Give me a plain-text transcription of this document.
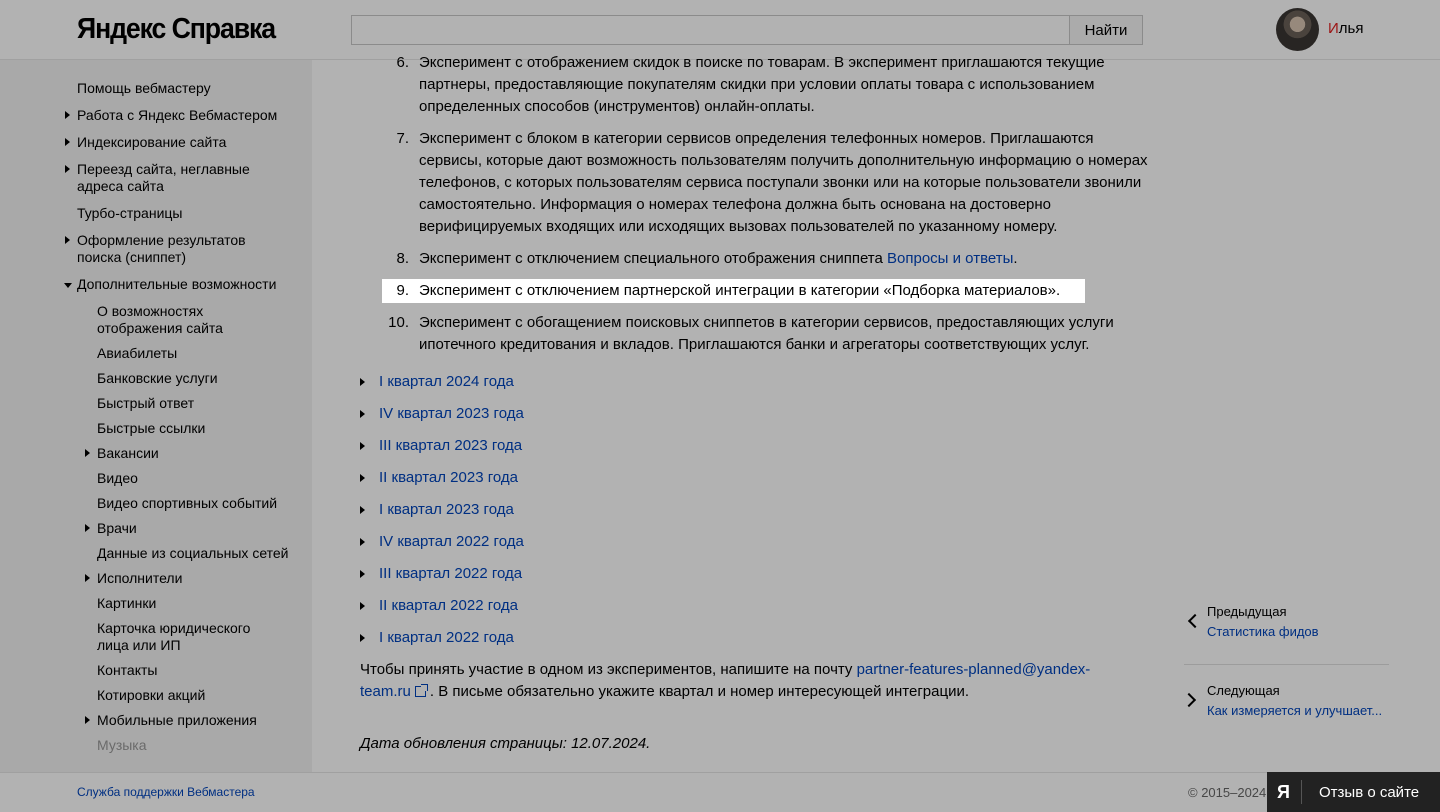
Яндекс Справка	Найти	Илья
Помощь вебмастеру
Работа с Яндекс Вебмастером
Индексирование сайта
Переезд сайта, неглавные адреса сайта
Турбо-страницы
Оформление результатов поиска (сниппет)
Дополнительные возможности
О возможностях отображения сайта
Авиабилеты
Банковские услуги
Быстрый ответ
Быстрые ссылки
Вакансии
Видео
Видео спортивных событий
Врачи
Данные из социальных сетей
Исполнители
Картинки
Карточка юридического лица или ИП
Контакты
Котировки акций
Мобильные приложения
Музыка
6. Эксперимент с отображением скидок в поиске по товарам. В эксперимент приглашаются текущие партнеры, предоставляющие покупателям скидки при условии оплаты товара с использованием определенных способов (инструментов) онлайн-оплаты.
7. Эксперимент с блоком в категории сервисов определения телефонных номеров. Приглашаются сервисы, которые дают возможность пользователям получить дополнительную информацию о номерах телефонов, с которых пользователям сервиса поступали звонки или на которые пользователи звонили самостоятельно. Информация о номерах телефона должна быть основана на достоверно верифицируемых входящих или исходящих вызовах пользователей по указанному номеру.
8. Эксперимент с отключением специального отображения сниппета Вопросы и ответы.
10. Эксперимент с обогащением поисковых сниппетов в категории сервисов, предоставляющих услуги ипотечного кредитования и вкладов. Приглашаются банки и агрегаторы соответствующих услуг.
I квартал 2024 года
IV квартал 2023 года
III квартал 2023 года
II квартал 2023 года
I квартал 2023 года
IV квартал 2022 года
III квартал 2022 года
II квартал 2022 года
I квартал 2022 года
Чтобы принять участие в одном из экспериментов, напишите на почту partner-features-planned@yandex-team.ru . В письме обязательно укажите квартал и номер интересующей интеграции.
Дата обновления страницы: 12.07.2024.
Предыдущая
Статистика фидов
Следующая
Как измеряется и улучшает...
Служба поддержки Вебмастера	© 2015–2024
9. Эксперимент с отключением партнерской интеграции в категории «Подборка материалов».
Я Отзыв о сайте
